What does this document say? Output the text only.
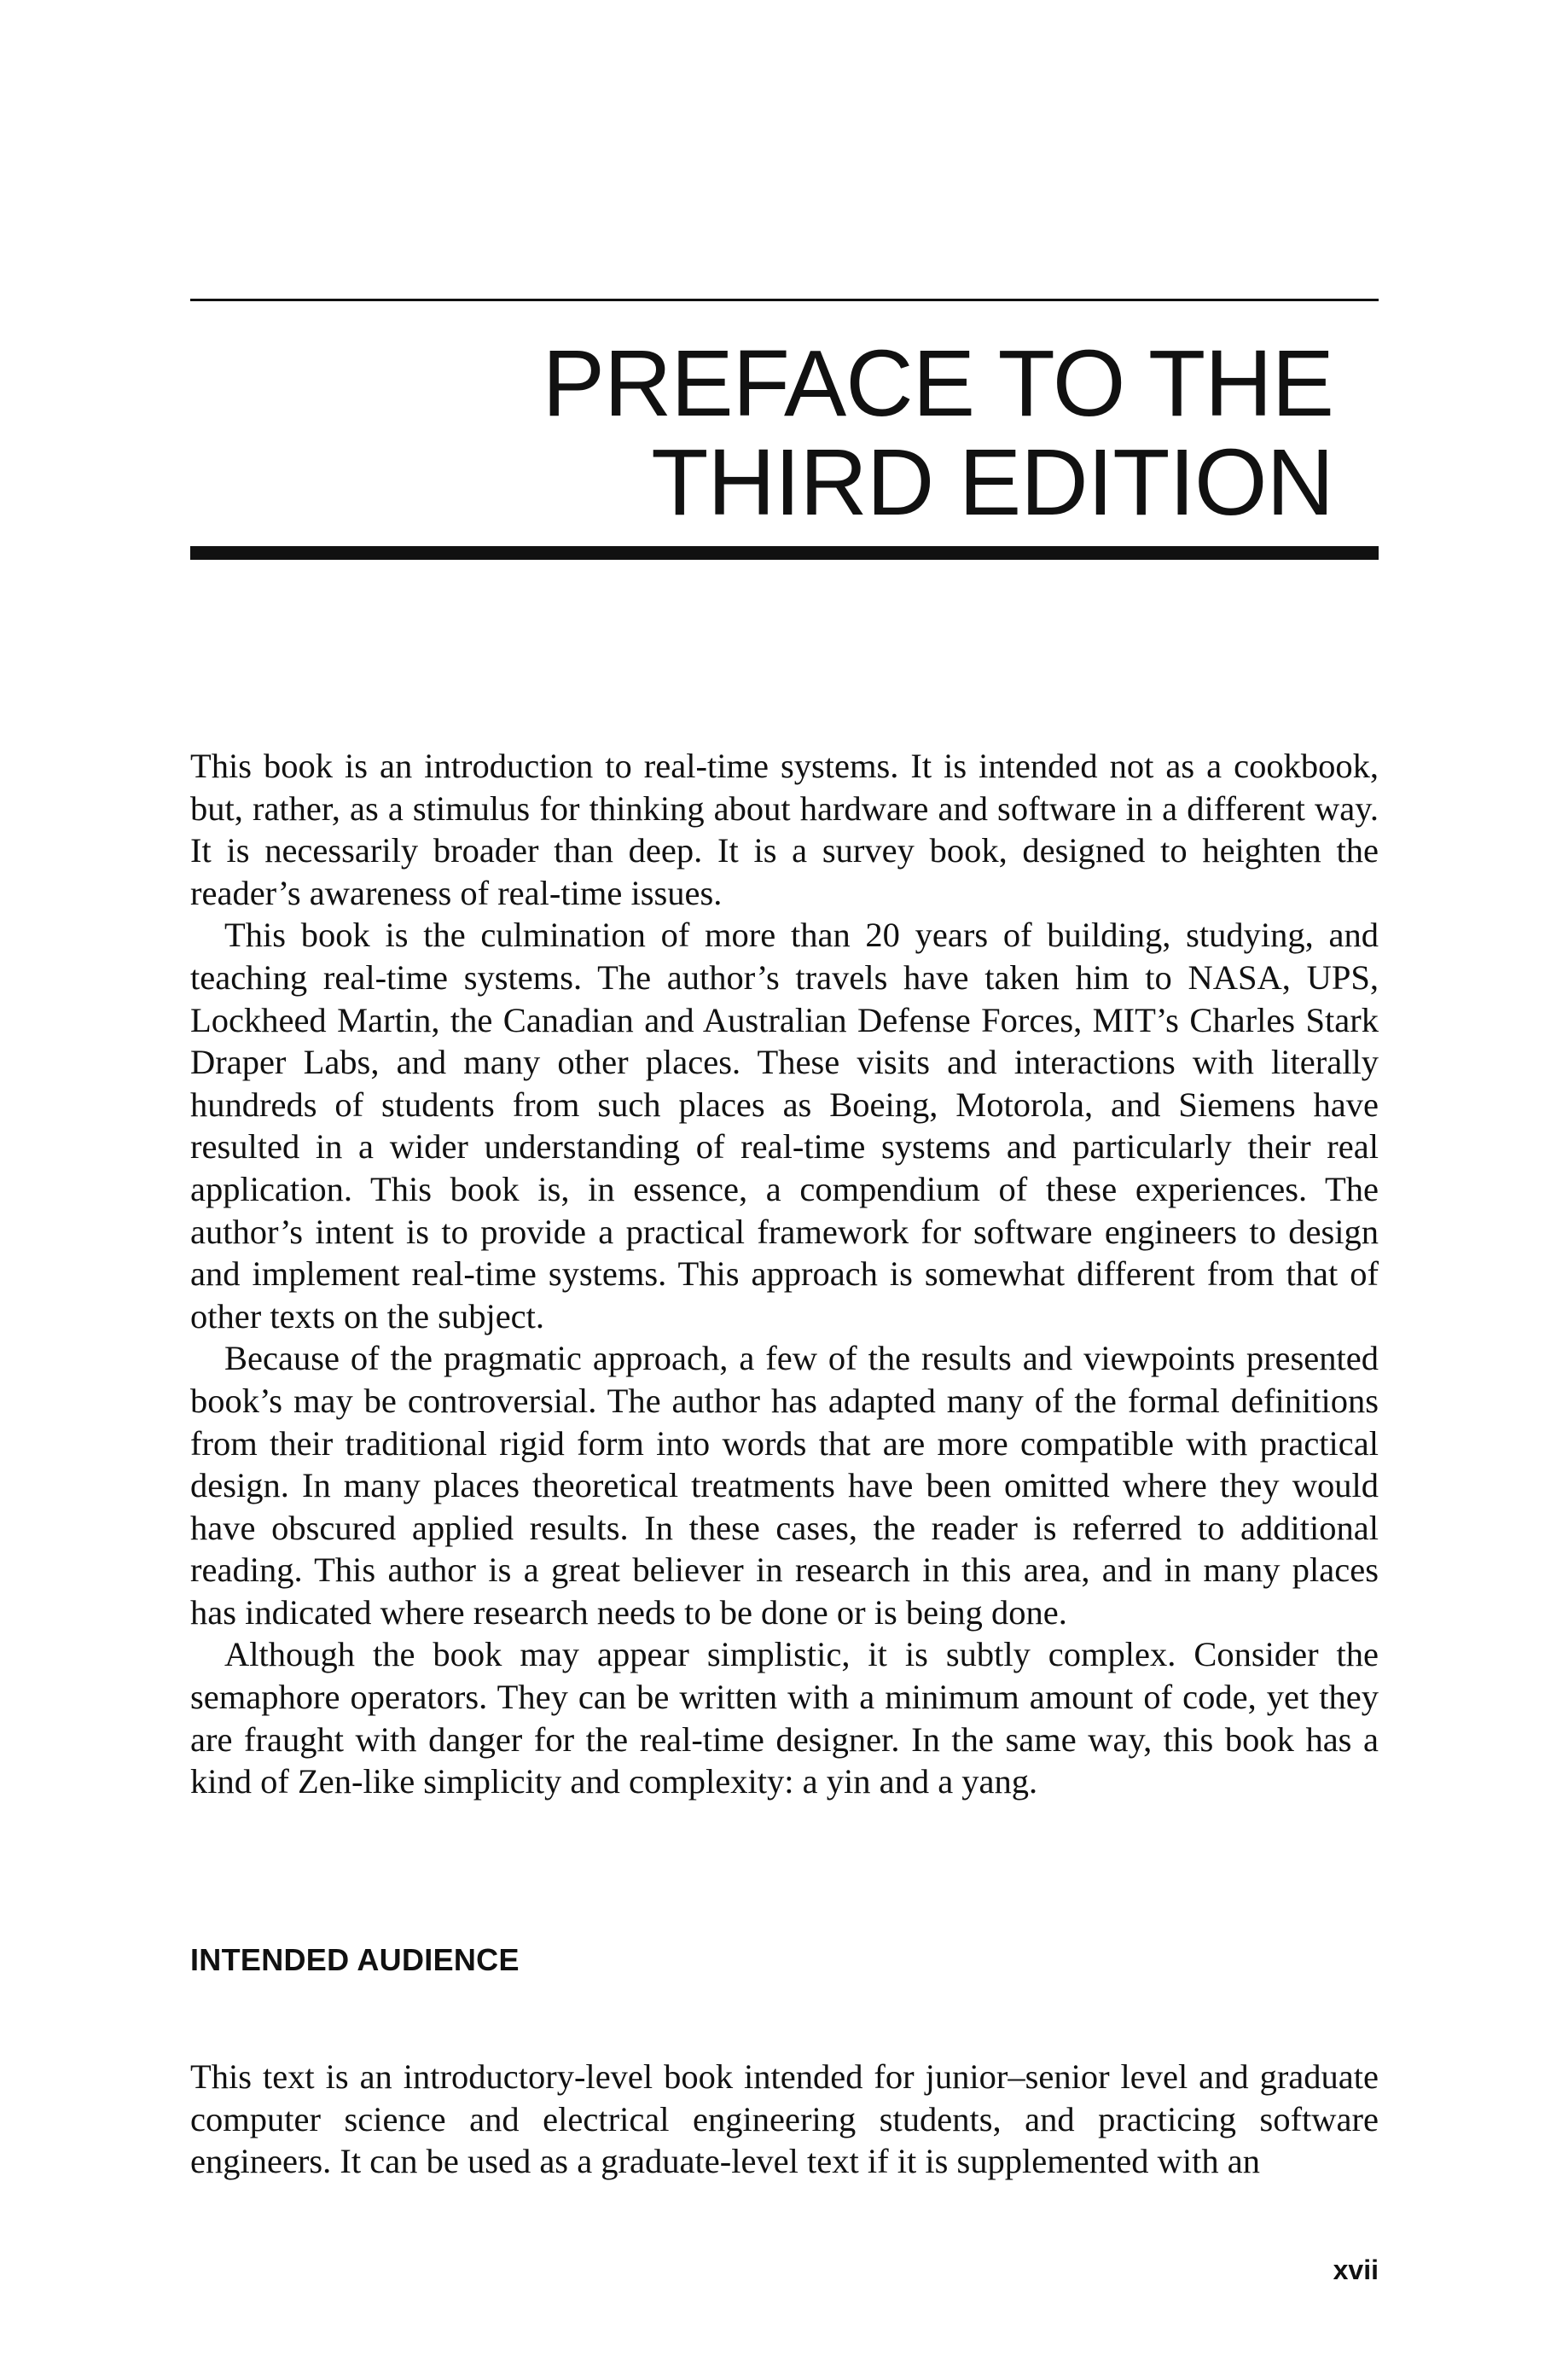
PREFACE TO THE
THIRD EDITION

This book is an introduction to real-time systems. It is intended not as a cookbook, but, rather, as a stimulus for thinking about hardware and software in a different way. It is necessarily broader than deep. It is a survey book, designed to heighten the reader’s awareness of real-time issues.

This book is the culmination of more than 20 years of building, studying, and teaching real-time systems. The author’s travels have taken him to NASA, UPS, Lockheed Martin, the Canadian and Australian Defense Forces, MIT’s Charles Stark Draper Labs, and many other places. These visits and interactions with literally hundreds of students from such places as Boeing, Motorola, and Siemens have resulted in a wider understanding of real-time systems and particularly their real application. This book is, in essence, a compendium of these experiences. The author’s intent is to provide a practical framework for software engineers to design and implement real-time systems. This approach is somewhat different from that of other texts on the subject.

Because of the pragmatic approach, a few of the results and viewpoints presented book’s may be controversial. The author has adapted many of the formal definitions from their traditional rigid form into words that are more compatible with practical design. In many places theoretical treatments have been omitted where they would have obscured applied results. In these cases, the reader is referred to additional reading. This author is a great believer in research in this area, and in many places has indicated where research needs to be done or is being done.

Although the book may appear simplistic, it is subtly complex. Consider the semaphore operators. They can be written with a minimum amount of code, yet they are fraught with danger for the real-time designer. In the same way, this book has a kind of Zen-like simplicity and complexity: a yin and a yang.

INTENDED AUDIENCE

This text is an introductory-level book intended for junior–senior level and graduate computer science and electrical engineering students, and practicing software engineers. It can be used as a graduate-level text if it is supplemented with an

xvii
